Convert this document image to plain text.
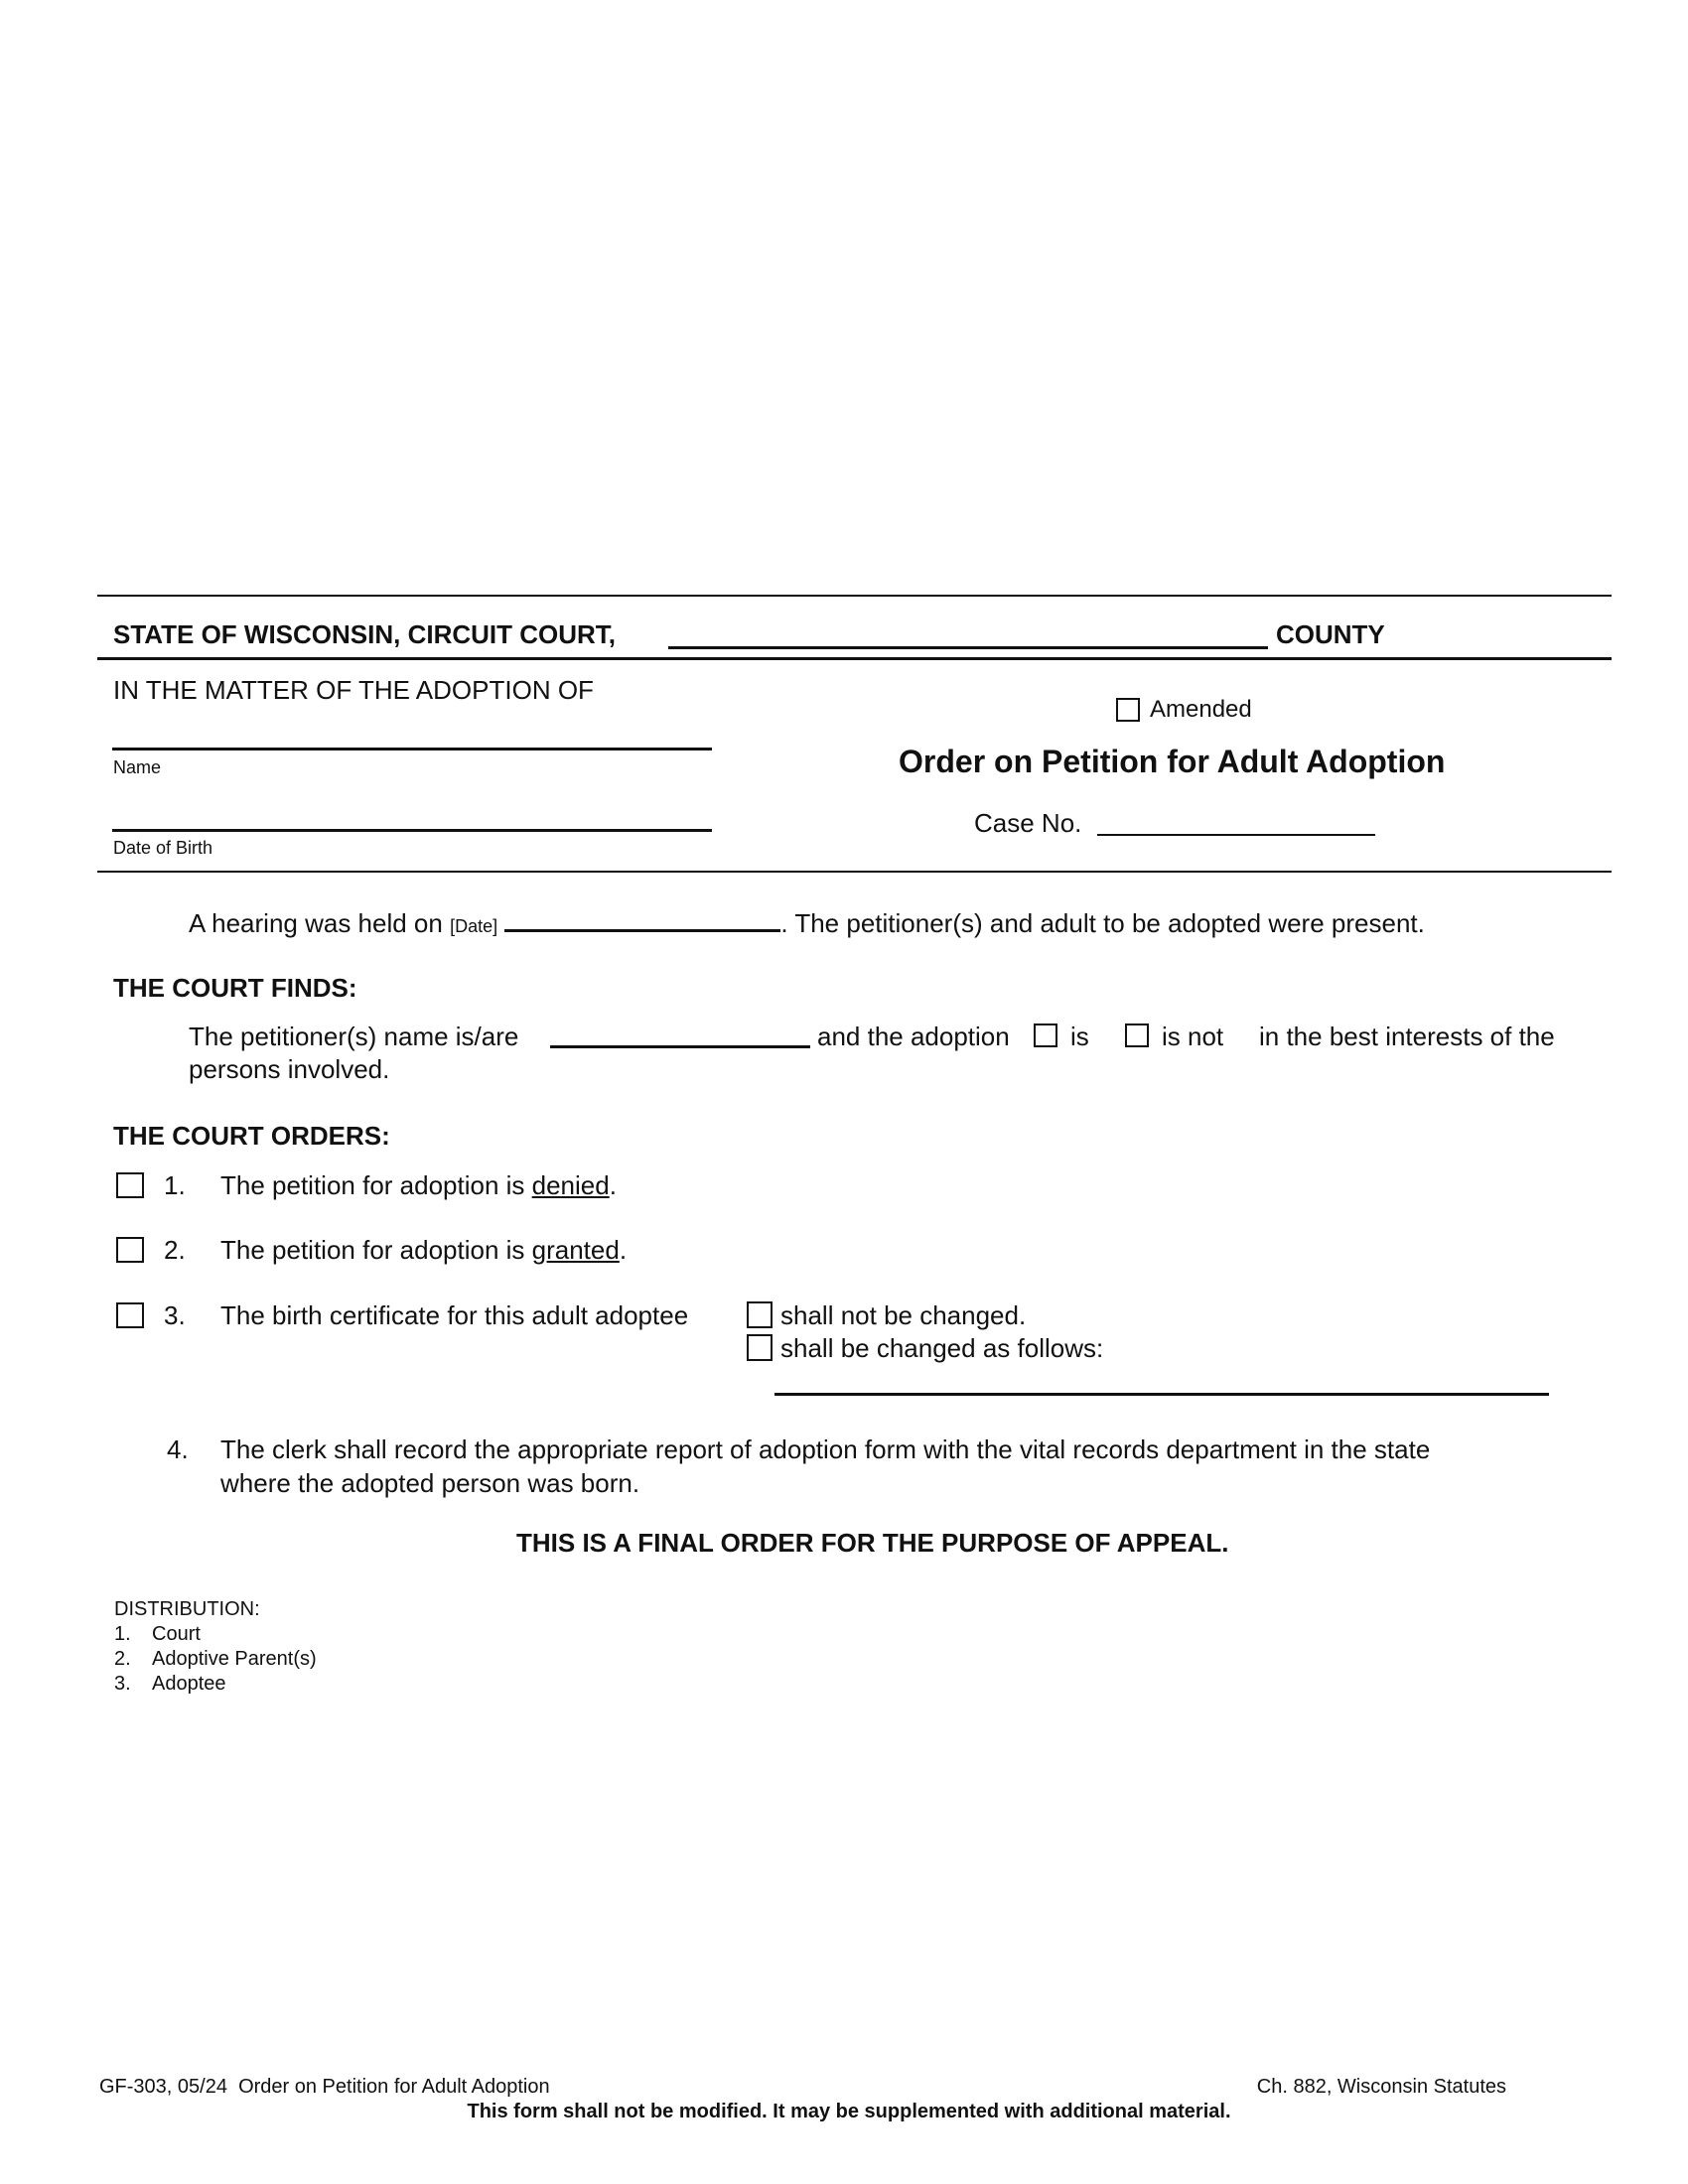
STATE OF WISCONSIN, CIRCUIT COURT,	COUNTY
IN THE MATTER OF THE ADOPTION OF
Name
Date of Birth
Amended
Order on Petition for Adult Adoption
Case No.
A hearing was held on [Date]	. The petitioner(s) and adult to be adopted were present.
THE COURT FINDS:
The petitioner(s) name is/are	and the adoption is	is not in the best interests of the
persons involved.
THE COURT ORDERS:
1. The petition for adoption is denied.
2. The petition for adoption is granted.
3. The birth certificate for this adult adoptee	shall not be changed.
shall be changed as follows:
4. The clerk shall record the appropriate report of adoption form with the vital records department in the state
where the adopted person was born.
THIS IS A FINAL ORDER FOR THE PURPOSE OF APPEAL.
DISTRIBUTION:
1. Court
2. Adoptive Parent(s)
3. Adoptee
GF-303, 05/24  Order on Petition for Adult Adoption	Ch. 882, Wisconsin Statutes
This form shall not be modified. It may be supplemented with additional material.
